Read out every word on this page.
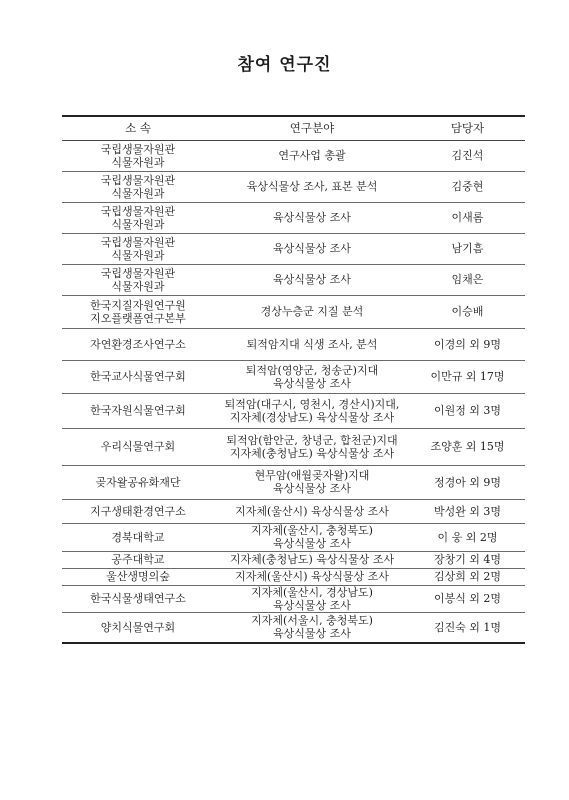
참여 연구진
소 속	연구분야	담당자

국립생물자원관
식물자원과	연구사업 총괄	김진석

국립생물자원관
식물자원과	육상식물상 조사, 표본 분석	김중현

국립생물자원관
식물자원과	육상식물상 조사	이새롬

국립생물자원관
식물자원과	육상식물상 조사	남기흠

국립생물자원관
식물자원과	육상식물상 조사	임채은

한국지질자원연구원
지오플랫폼연구본부	경상누층군 지질 분석	이승배

자연환경조사연구소	퇴적암지대 식생 조사, 분석	이경의 외 9명

한국교사식물연구회	퇴적암(영양군, 청송군)지대
육상식물상 조사	이만규 외 17명

한국자원식물연구회	퇴적암(대구시, 영천시, 경산시)지대,
지자체(경상남도) 육상식물상 조사	이원정 외 3명

우리식물연구회	퇴적암(함안군, 창녕군, 합천군)지대
지자체(충청남도) 육상식물상 조사	조양훈 외 15명

곶자왈공유화재단	현무암(애월곶자왈)지대
육상식물상 조사	정경아 외 9명

지구생태환경연구소	지자체(울산시) 육상식물상 조사	박성완 외 3명

경북대학교	지자체(울산시, 충청북도)
육상식물상 조사	이 웅 외 2명

공주대학교	지자체(충청남도) 육상식물상 조사	장창기 외 4명

울산생명의숲	지자체(울산시) 육상식물상 조사	김상희 외 2명

한국식물생태연구소	지자체(울산시, 경상남도)
육상식물상 조사	이봉식 외 2명

양치식물연구회	지자체(서울시, 충청북도)
육상식물상 조사	김진숙 외 1명
